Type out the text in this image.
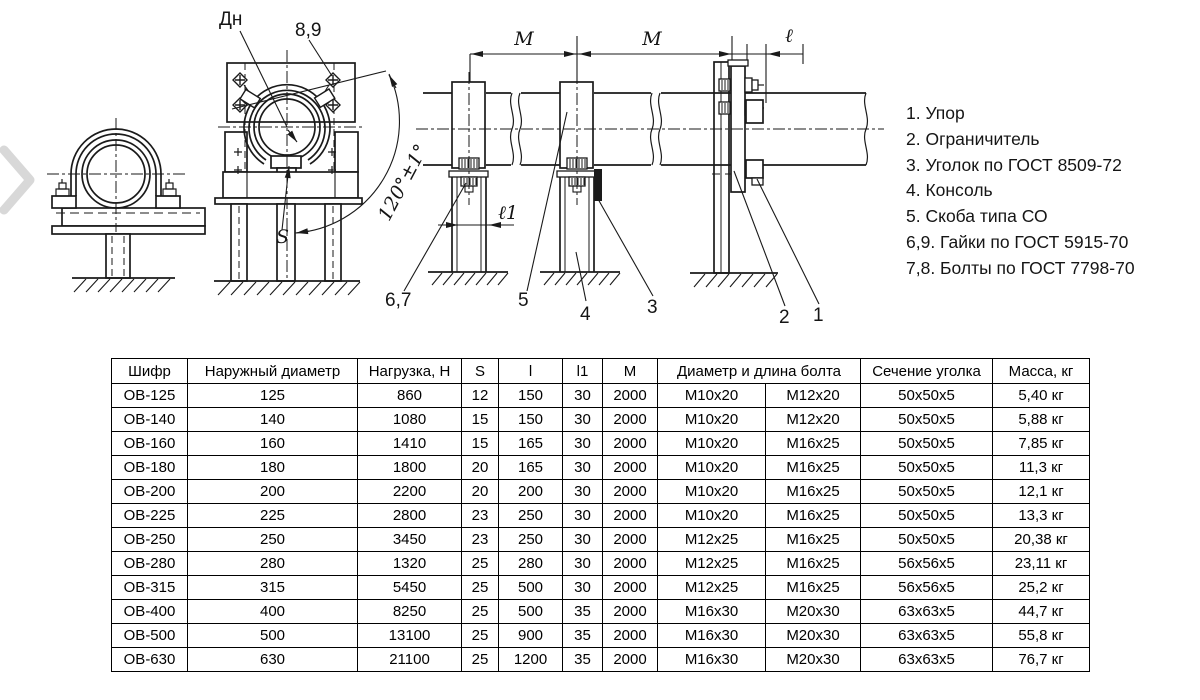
Дн
8,9
120°±1°
S
М	М	ℓ
ℓ1
6,7	5
4	3	2 1
1. Упор
2. Ограничитель
3. Уголок по ГОСТ 8509-72
4. Консоль
5. Скоба типа СО
6,9. Гайки по ГОСТ 5915-70
7,8. Болты по ГОСТ 7798-70
Шифр	Наружный диаметр	Нагрузка, Н	S	l	l1	M	Диаметр и длина болта		Сечение уголка	Масса, кг
ОВ-125	125	860	12	150	30	2000	М10х20	М12х20	50х50х5	5,40 кг
ОВ-140	140	1080	15	150	30	2000	М10х20	М12х20	50х50х5	5,88 кг
ОВ-160	160	1410	15	165	30	2000	М10х20	М16х25	50х50х5	7,85 кг
ОВ-180	180	1800	20	165	30	2000	М10х20	М16х25	50х50х5	11,3 кг
ОВ-200	200	2200	20	200	30	2000	М10х20	М16х25	50х50х5	12,1 кг
ОВ-225	225	2800	23	250	30	2000	М10х20	М16х25	50х50х5	13,3 кг
ОВ-250	250	3450	23	250	30	2000	М12х25	М16х25	50х50х5	20,38 кг
ОВ-280	280	1320	25	280	30	2000	М12х25	М16х25	56х56х5	23,11 кг
ОВ-315	315	5450	25	500	30	2000	М12х25	М16х25	56х56х5	25,2 кг
ОВ-400	400	8250	25	500	35	2000	М16х30	М20х30	63х63х5	44,7 кг
ОВ-500	500	13100	25	900	35	2000	М16х30	М20х30	63х63х5	55,8 кг
ОВ-630	630	21100	25	1200	35	2000	М16х30	М20х30	63х63х5	76,7 кг
